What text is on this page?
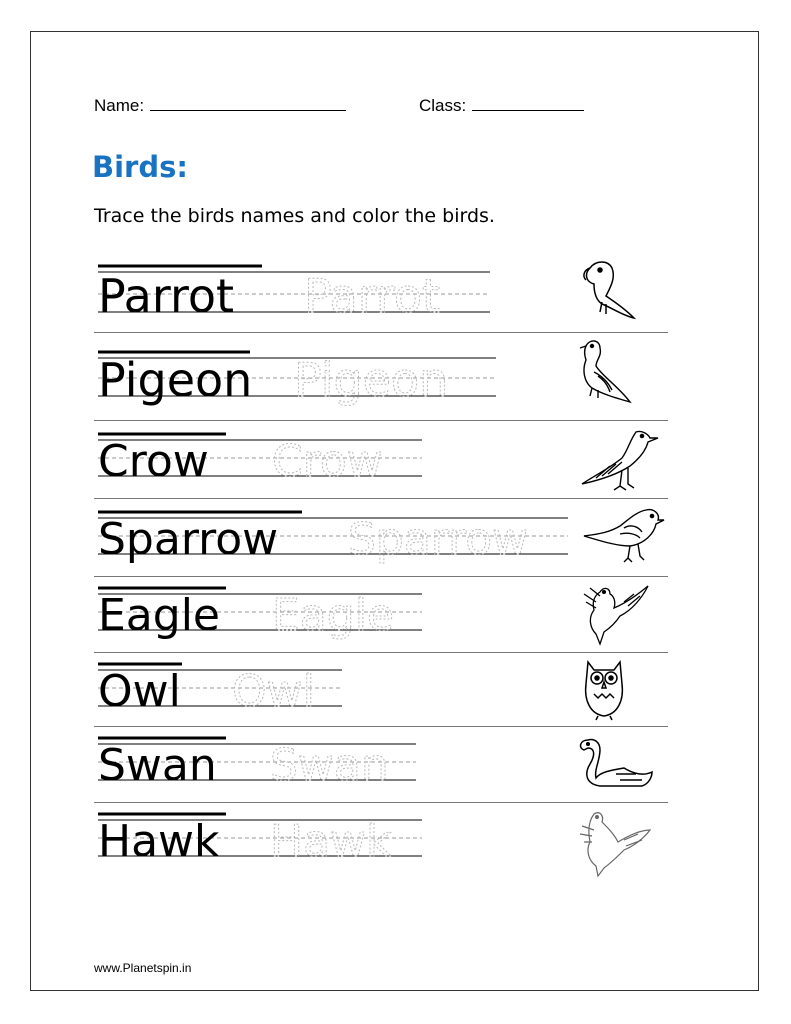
Name:	Class:
Birds:
Trace the birds names and color the birds.
Parrot Parrot
Pigeon Pigeon
Crow Crow
Sparrow Sparrow
Eagle Eagle
Owl Owl
Swan Swan
Hawk Hawk
www.Planetspin.in
